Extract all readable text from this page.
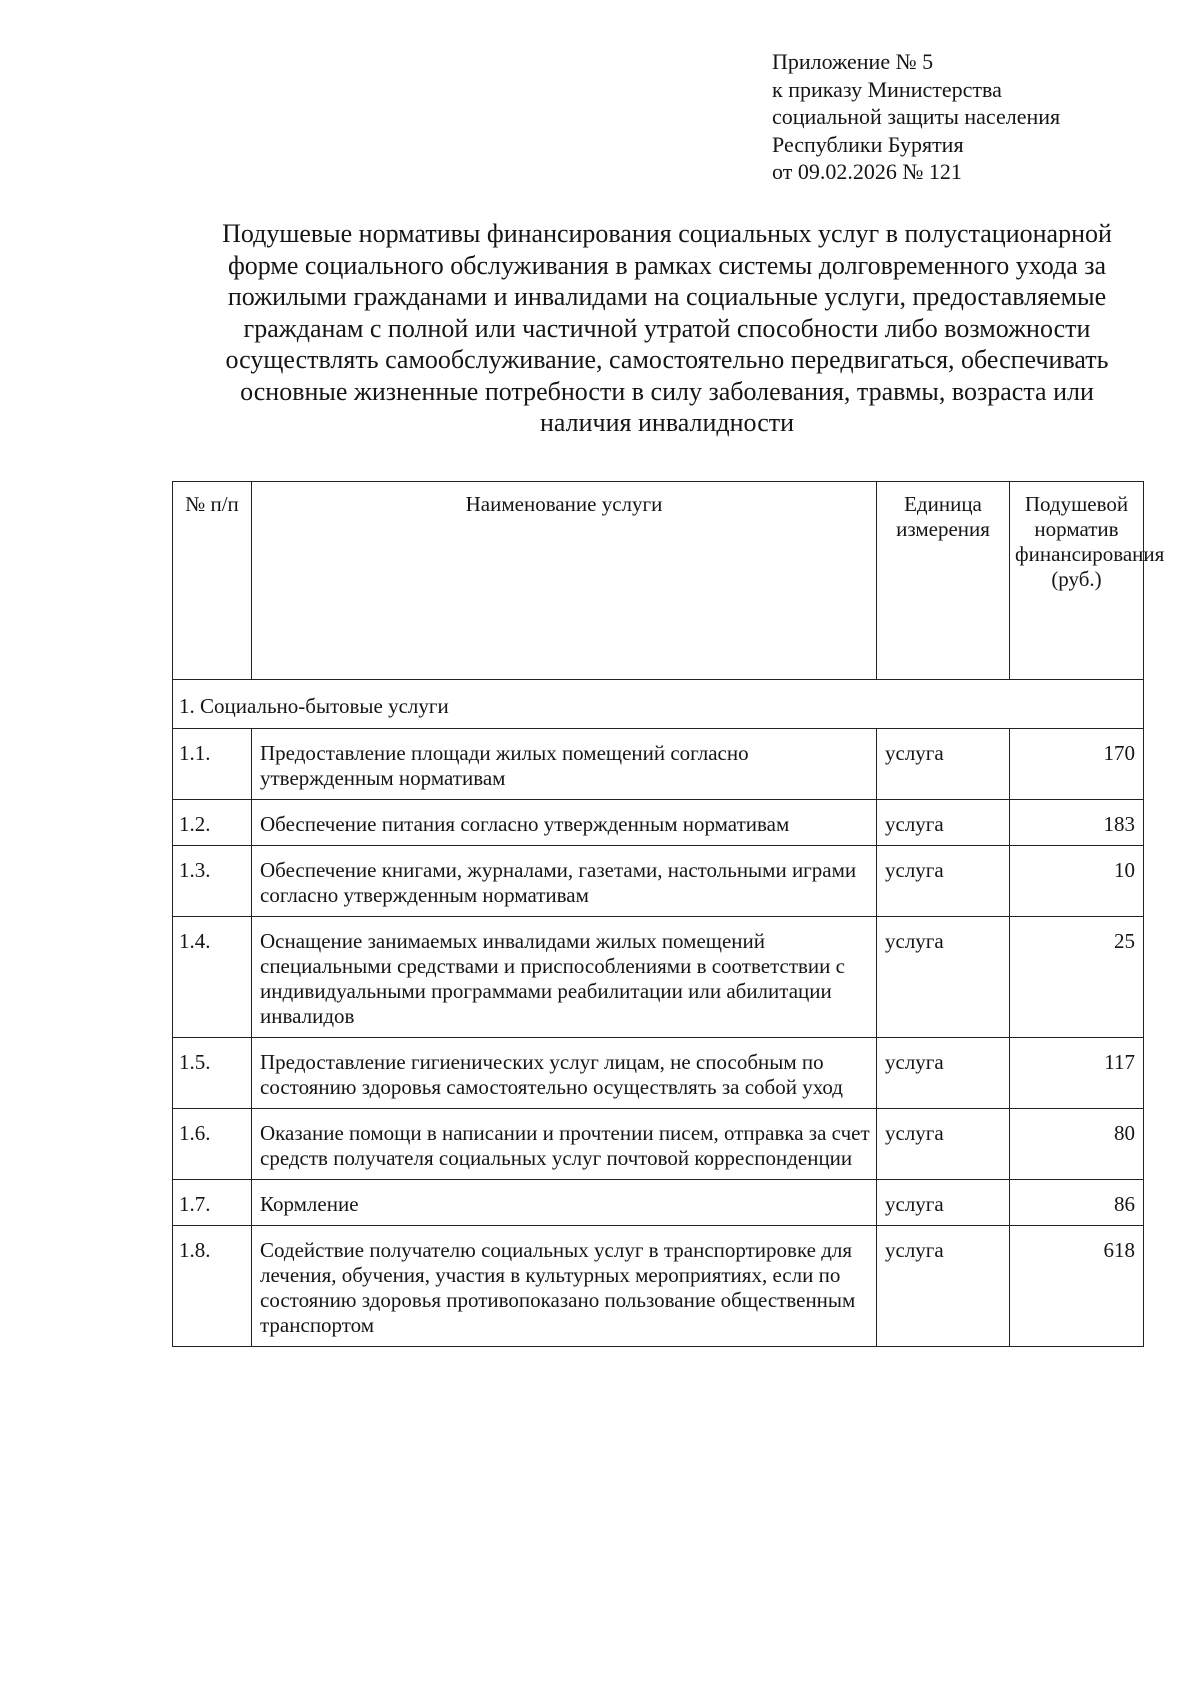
Приложение № 5
к приказу Министерства
социальной защиты населения
Республики Бурятия
от 09.02.2026 № 121
Подушевые нормативы финансирования социальных услуг в полустационарной
форме социального обслуживания в рамках системы долговременного ухода за
пожилыми гражданами и инвалидами на социальные услуги, предоставляемые
гражданам с полной или частичной утратой способности либо возможности
осуществлять самообслуживание, самостоятельно передвигаться, обеспечивать
основные жизненные потребности в силу заболевания, травмы, возраста или
наличия инвалидности
№ п/п	Наименование услуги	Единица измерения	Подушевой норматив финансирования (руб.)
1. Социально-бытовые услуги			
1.1.	Предоставление площади жилых помещений согласно утвержденным нормативам	услуга	170
1.2.	Обеспечение питания согласно утвержденным нормативам	услуга	183
1.3.	Обеспечение книгами, журналами, газетами, настольными играми согласно утвержденным нормативам	услуга	10
1.4.	Оснащение занимаемых инвалидами жилых помещений специальными средствами и приспособлениями в соответствии с индивидуальными программами реабилитации или абилитации инвалидов	услуга	25
1.5.	Предоставление гигиенических услуг лицам, не способным по состоянию здоровья самостоятельно осуществлять за собой уход	услуга	117
1.6.	Оказание помощи в написании и прочтении писем, отправка за счет средств получателя социальных услуг почтовой корреспонденции	услуга	80
1.7.	Кормление	услуга	86
1.8.	Содействие получателю социальных услуг в транспортировке для лечения, обучения, участия в культурных мероприятиях, если по состоянию здоровья противопоказано пользование общественным транспортом	услуга	618
